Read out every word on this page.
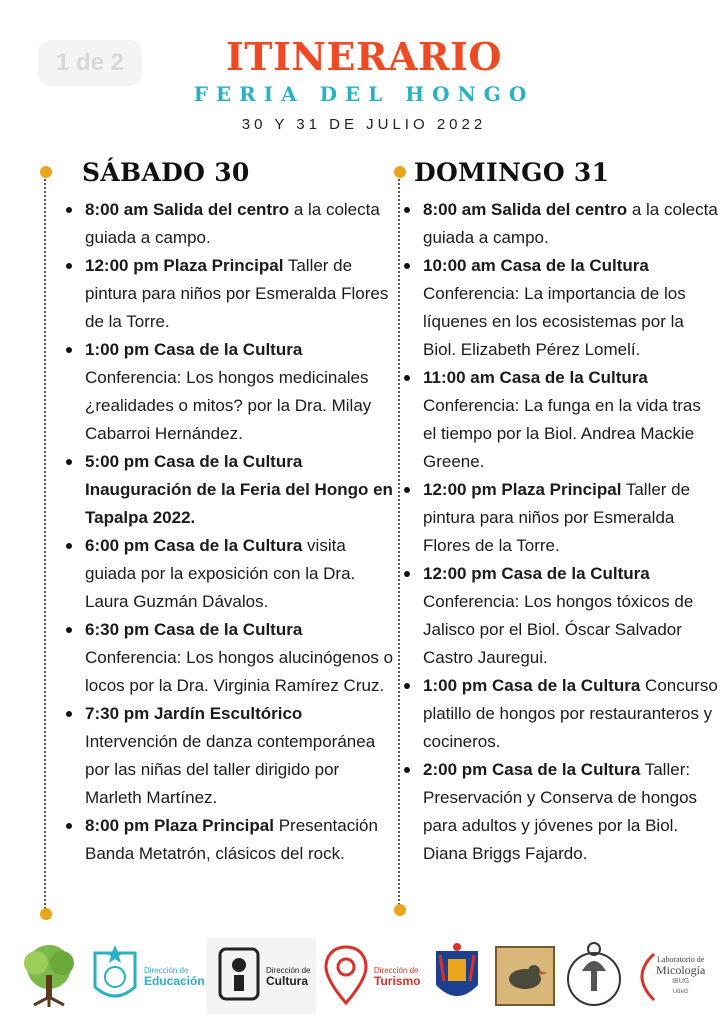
1 de 2	ITINERARIO
FERIA DEL HONGO
30 Y 31 DE JULIO 2022
SÁBADO 30
8:00 am Salida del centro a la colecta guiada a campo.
12:00 pm Plaza Principal Taller de pintura para niños por Esmeralda Flores de la Torre.
1:00 pm Casa de la Cultura Conferencia: Los hongos medicinales ¿realidades o mitos? por la Dra. Milay Cabarroi Hernández.
5:00 pm Casa de la Cultura Inauguración de la Feria del Hongo en Tapalpa 2022.
6:00 pm Casa de la Cultura visita guiada por la exposición con la Dra. Laura Guzmán Dávalos.
6:30 pm Casa de la Cultura Conferencia: Los hongos alucinógenos o locos por la Dra. Virginia Ramírez Cruz.
7:30 pm Jardín Escultórico Intervención de danza contemporánea por las niñas del taller dirigido por Marleth Martínez.
8:00 pm Plaza Principal Presentación Banda Metatrón, clásicos del rock.
DOMINGO 31
8:00 am Salida del centro a la colecta guiada a campo.
10:00 am Casa de la Cultura Conferencia: La importancia de los líquenes en los ecosistemas por la Biol. Elizabeth Pérez Lomelí.
11:00 am Casa de la Cultura Conferencia: La funga en la vida tras el tiempo por la Biol. Andrea Mackie Greene.
12:00 pm Plaza Principal Taller de pintura para niños por Esmeralda Flores de la Torre.
12:00 pm Casa de la Cultura Conferencia: Los hongos tóxicos de Jalisco por el Biol. Óscar Salvador Castro Jauregui.
1:00 pm Casa de la Cultura Concurso platillo de hongos por restauranteros y cocineros.
2:00 pm Casa de la Cultura Taller: Preservación y Conserva de hongos para adultos y jóvenes por la Biol. Diana Briggs Fajardo.
Dirección de
Educación
Dirección de
Cultura
Dirección de
Turismo
Laboratorio de
Micología
IBUG
UdeG
